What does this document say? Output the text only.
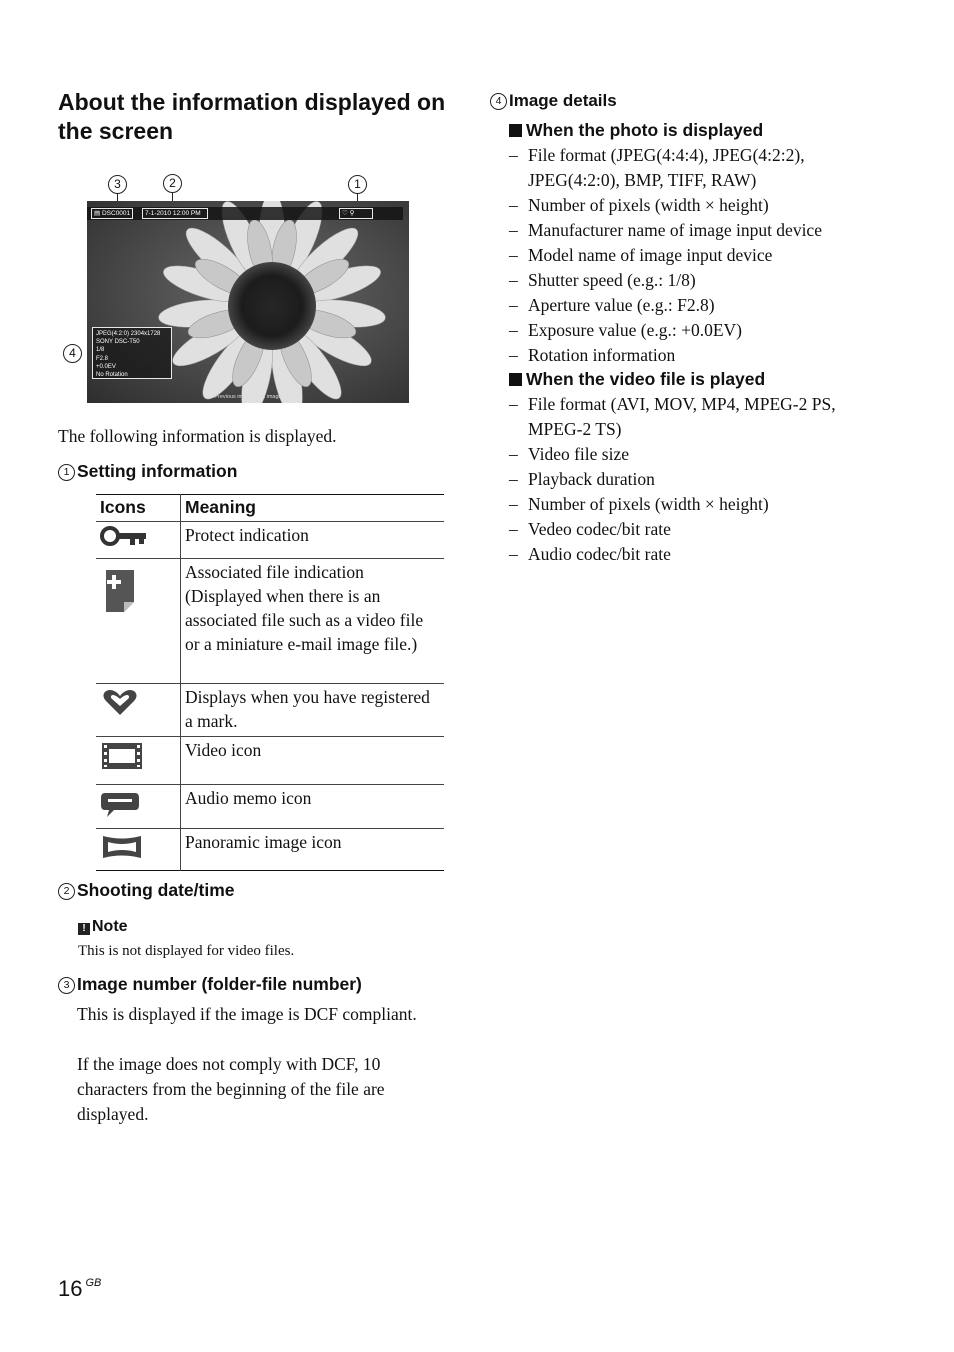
About the information displayed on the screen
3	2	1
4
▤ DSC0001	7-1-2010 12:00 PM	♡ ⚲
JPEG(4:2:0) 2304x1728
SONY DSC-T50
1/8
F2.8
+0.0EV
No Rotation
Previous image Next image
The following information is displayed.
1 Setting information
Icons	Meaning
	Protect indication
	Associated file indication (Displayed when there is an associated file such as a video file or a miniature e-mail image file.)
	Displays when you have registered a mark.
	Video icon
	Audio memo icon
	Panoramic image icon
2 Shooting date/time
! Note
This is not displayed for video files.
3 Image number (folder-file number)
This is displayed if the image is DCF compliant.
If the image does not comply with DCF, 10 characters from the beginning of the file are displayed.
4 Image details
When the photo is displayed
– File format (JPEG(4:4:4), JPEG(4:2:2), JPEG(4:2:0), BMP, TIFF, RAW)
– Number of pixels (width × height)
– Manufacturer name of image input device
– Model name of image input device
– Shutter speed (e.g.: 1/8)
– Aperture value (e.g.: F2.8)
– Exposure value (e.g.: +0.0EV)
– Rotation information
When the video file is played
– File format (AVI, MOV, MP4, MPEG-2 PS, MPEG-2 TS)
– Video file size
– Playback duration
– Number of pixels (width × height)
– Vedeo codec/bit rate
– Audio codec/bit rate
16 $^{GB}$
